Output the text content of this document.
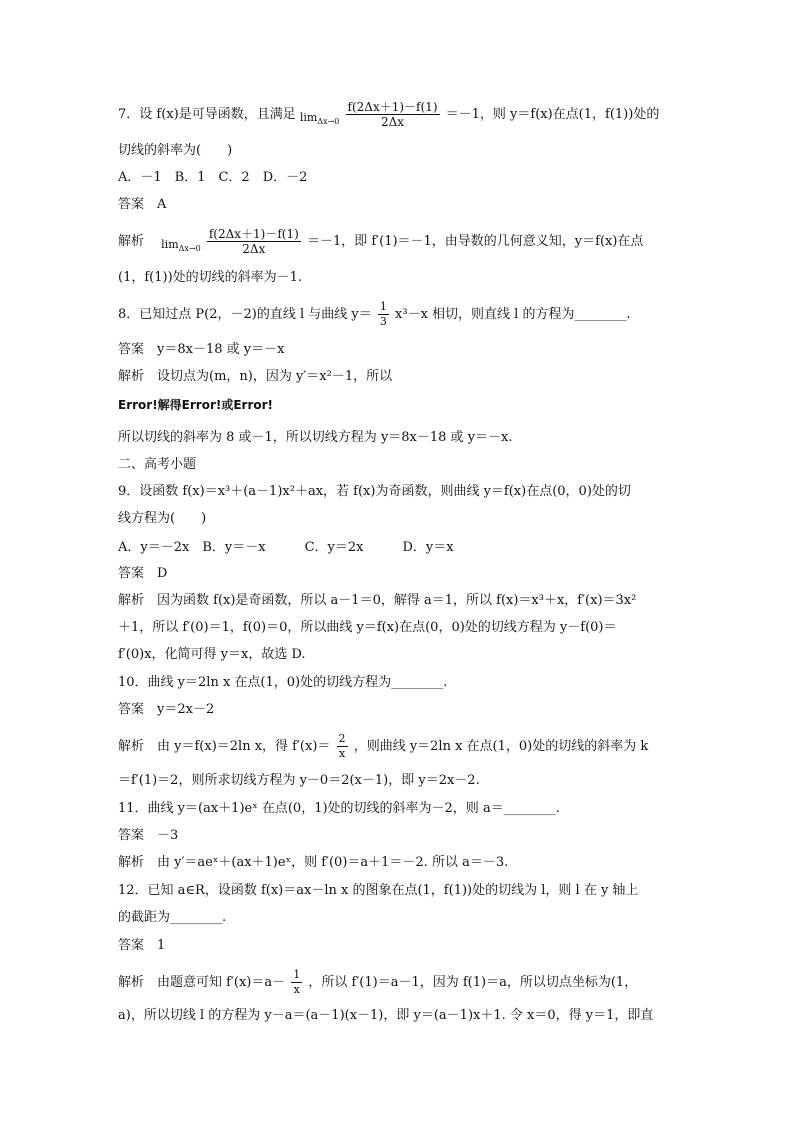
7．设 f(x)是可导函数，且满足 $_{lim_{\Delta x\to 0}} \frac{f(2\Delta x+1)-f(1)}{2\Delta x} =-1$，则 y＝f(x)在点(1，f(1))处的
切线的斜率为(　　)
A．－1　B．1　C．2　D．－2
答案　A
解析　 $_{lim_{\Delta x\to 0}} \frac{f(2\Delta x+1)-f(1)}{2\Delta x} =-1$，即 f′(1)＝－1，由导数的几何意义知，y＝f(x)在点
(1，f(1))处的切线的斜率为－1.
8．已知过点 P(2，－2)的直线 l 与曲线 $y= \frac{1}{3} x^3-x$ 相切，则直线 l 的方程为________.
答案　y＝8x－18 或 y＝－x
解析　设切点为(m，n)，因为 y′＝x²－1，所以
Error!解得Error!或Error!
所以切线的斜率为 8 或－1，所以切线方程为 y＝8x－18 或 y＝－x.
二、高考小题
9．设函数 f(x)＝x³＋(a－1)x²＋ax，若 f(x)为奇函数，则曲线 y＝f(x)在点(0，0)处的切
线方程为(　　)
A．y＝－2x　B．y＝－x　　　C．y＝2x　　　D．y＝x
答案　D
解析　因为函数 f(x)是奇函数，所以 a－1＝0，解得 a＝1，所以 f(x)＝x³＋x，f′(x)＝3x²
＋1，所以 f′(0)＝1，f(0)＝0，所以曲线 y＝f(x)在点(0，0)处的切线方程为 y－f(0)＝
f′(0)x，化简可得 y＝x，故选 D.
10．曲线 y＝2ln x 在点(1，0)处的切线方程为________.
答案　y＝2x－2
解析　由 y＝f(x)＝2ln x，得 $f'(x)= \frac{2}{x}$ ，则曲线 y＝2ln x 在点(1，0)处的切线的斜率为 k
＝f′(1)＝2，则所求切线方程为 y－0＝2(x－1)，即 y＝2x－2.
11．曲线 y＝(ax＋1)eˣ 在点(0，1)处的切线的斜率为－2，则 a＝________.
答案　－3
解析　由 y′＝aeˣ＋(ax＋1)eˣ，则 f′(0)＝a＋1＝－2. 所以 a＝－3.
12．已知 a∈R，设函数 f(x)＝ax－ln x 的图象在点(1，f(1))处的切线为 l，则 l 在 y 轴上
的截距为________.
答案　1
解析　由题意可知 $f'(x)=a- \frac{1}{x}$ ，所以 f′(1)＝a－1，因为 f(1)＝a，所以切点坐标为(1，
a)，所以切线 l 的方程为 y－a＝(a－1)(x－1)，即 y＝(a－1)x＋1. 令 x＝0，得 y＝1，即直
